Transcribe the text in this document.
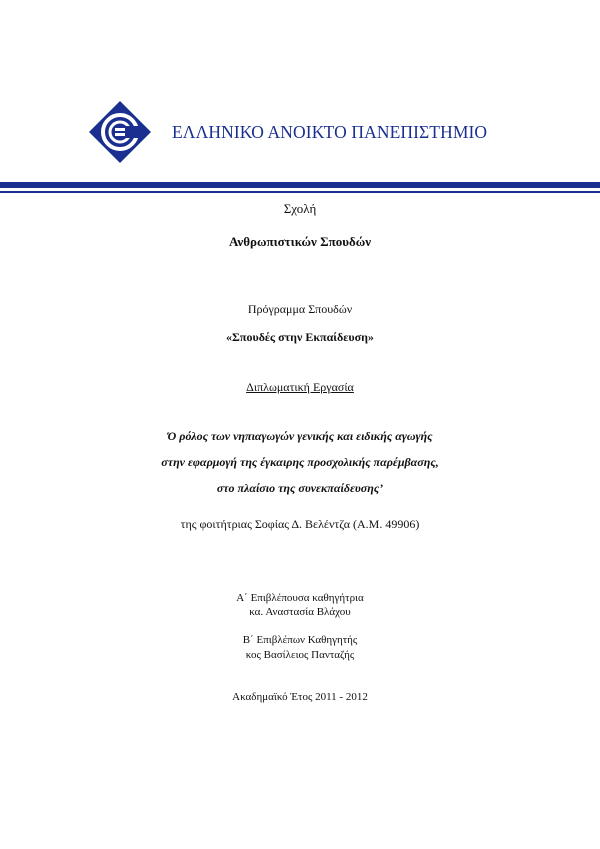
ΕΛΛΗΝΙΚΟ ΑΝΟΙΚΤΟ ΠΑΝΕΠΙΣΤΗΜΙΟ
Σχολή
Ανθρωπιστικών Σπουδών
Πρόγραμμα Σπουδών
«Σπουδές στην Εκπαίδευση»
Διπλωματική Εργασία
Ό ρόλος των νηπιαγωγών γενικής και ειδικής αγωγής
στην εφαρμογή της έγκαιρης προσχολικής παρέμβασης,
στο πλαίσιο της συνεκπαίδευσης’
της φοιτήτριας Σοφίας Δ. Βελέντζα (Α.Μ. 49906)
Α΄ Επιβλέπουσα καθηγήτρια
κα. Αναστασία Βλάχου
Β΄ Επιβλέπων Καθηγητής
κος Βασίλειος Πανταζής
Ακαδημαϊκό Έτος 2011 - 2012
